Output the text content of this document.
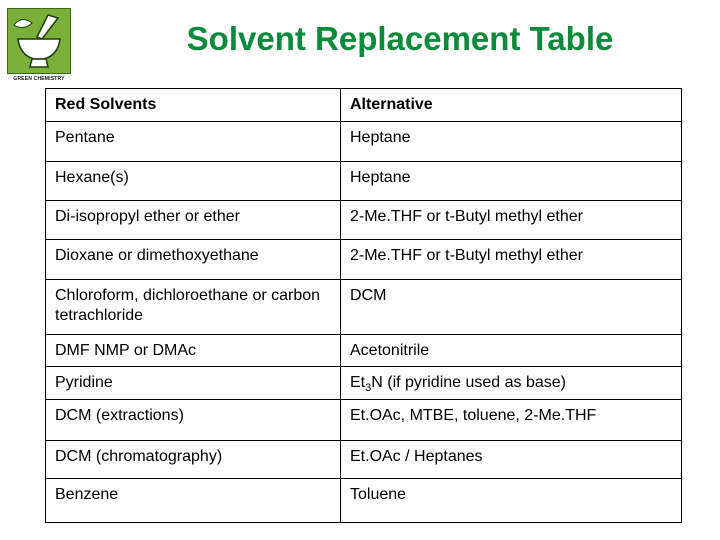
GREEN CHEMISTRY
Solvent Replacement Table
Red Solvents	Alternative
Pentane	Heptane
Hexane(s)	Heptane
Di-isopropyl ether or ether	2-Me.THF or t-Butyl methyl ether
Dioxane or dimethoxyethane	2-Me.THF or t-Butyl methyl ether
Chloroform, dichloroethane or carbon tetrachloride	DCM
DMF NMP or DMAc	Acetonitrile
Pyridine	$Et_3N$ (if pyridine used as base)
DCM (extractions)	Et.OAc, MTBE, toluene, 2-Me.THF
DCM (chromatography)	Et.OAc / Heptanes
Benzene	Toluene
